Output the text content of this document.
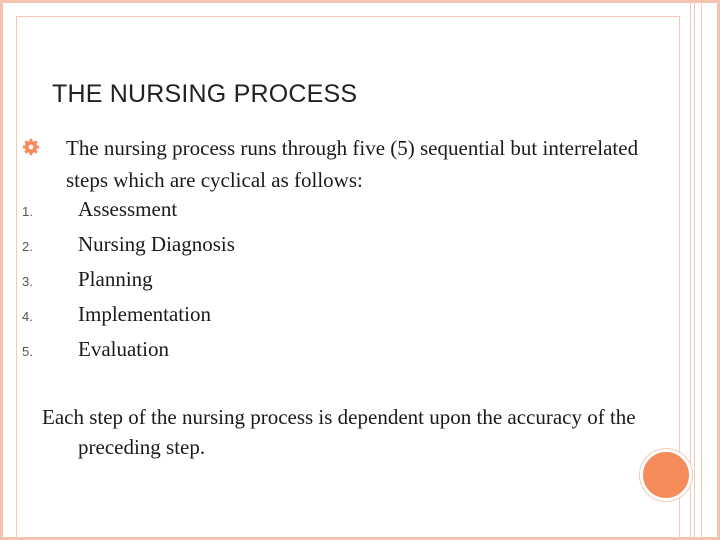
THE NURSING PROCESS

The nursing process runs through five (5) sequential but interrelated steps which are cyclical as follows:

1. Assessment
2. Nursing Diagnosis
3. Planning
4. Implementation
5. Evaluation

Each step of the nursing process is dependent upon the accuracy of the preceding step.
